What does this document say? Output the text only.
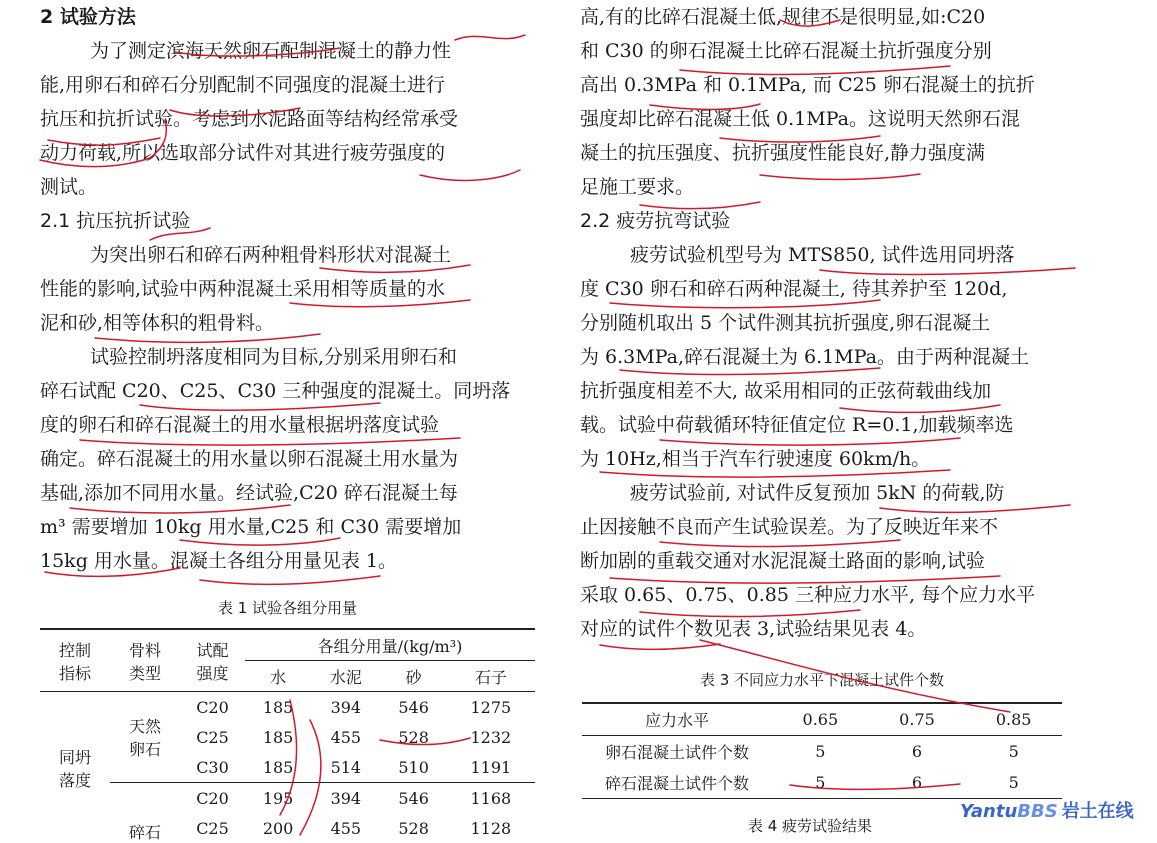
2 试验方法

为了测定滨海天然卵石配制混凝土的静力性

能,用卵石和碎石分别配制不同强度的混凝土进行

抗压和抗折试验。考虑到水泥路面等结构经常承受

动力荷载,所以选取部分试件对其进行疲劳强度的

测试。

2.1 抗压抗折试验

为突出卵石和碎石两种粗骨料形状对混凝土

性能的影响,试验中两种混凝土采用相等质量的水

泥和砂,相等体积的粗骨料。

试验控制坍落度相同为目标,分别采用卵石和

碎石试配 C20、C25、C30 三种强度的混凝土。同坍落

度的卵石和碎石混凝土的用水量根据坍落度试验

确定。碎石混凝土的用水量以卵石混凝土用水量为

基础,添加不同用水量。经试验,C20 碎石混凝土每

m³ 需要增加 10kg 用水量,C25 和 C30 需要增加

15kg 用水量。混凝土各组分用量见表 1。

高,有的比碎石混凝土低,规律不是很明显,如:C20

和 C30 的卵石混凝土比碎石混凝土抗折强度分别

高出 0.3MPa 和 0.1MPa, 而 C25 卵石混凝土的抗折

强度却比碎石混凝土低 0.1MPa。这说明天然卵石混

凝土的抗压强度、抗折强度性能良好,静力强度满

足施工要求。

2.2 疲劳抗弯试验

疲劳试验机型号为 MTS850, 试件选用同坍落

度 C30 卵石和碎石两种混凝土, 待其养护至 120d,

分别随机取出 5 个试件测其抗折强度,卵石混凝土

为 6.3MPa,碎石混凝土为 6.1MPa。由于两种混凝土

抗折强度相差不大, 故采用相同的正弦荷载曲线加

载。试验中荷载循环特征值定位 R=0.1,加载频率选

为 10Hz,相当于汽车行驶速度 60km/h。

疲劳试验前, 对试件反复预加 5kN 的荷载,防

止因接触不良而产生试验误差。为了反映近年来不

断加剧的重载交通对水泥混凝土路面的影响,试验

采取 0.65、0.75、0.85 三种应力水平, 每个应力水平

对应的试件个数见表 3,试验结果见表 4。

表 1 试验各组分用量

控制
指标	骨料
类型	试配
强度	各组分用量/(kg/m³)			
			水	水泥	砂	石子
同坍
落度	天然
卵石	C20	185	394	546	1275
		C25	185	455	528	1232
		C30	185	514	510	1191
	碎石	C20	195	394	546	1168
		C25	200	455	528	1128

表 3 不同应力水平下混凝土试件个数

应力水平	0.65	0.75	0.85
卵石混凝土试件个数	5	6	5
碎石混凝土试件个数	5	6	5

表 4 疲劳试验结果

YantuBBS 岩土在线
